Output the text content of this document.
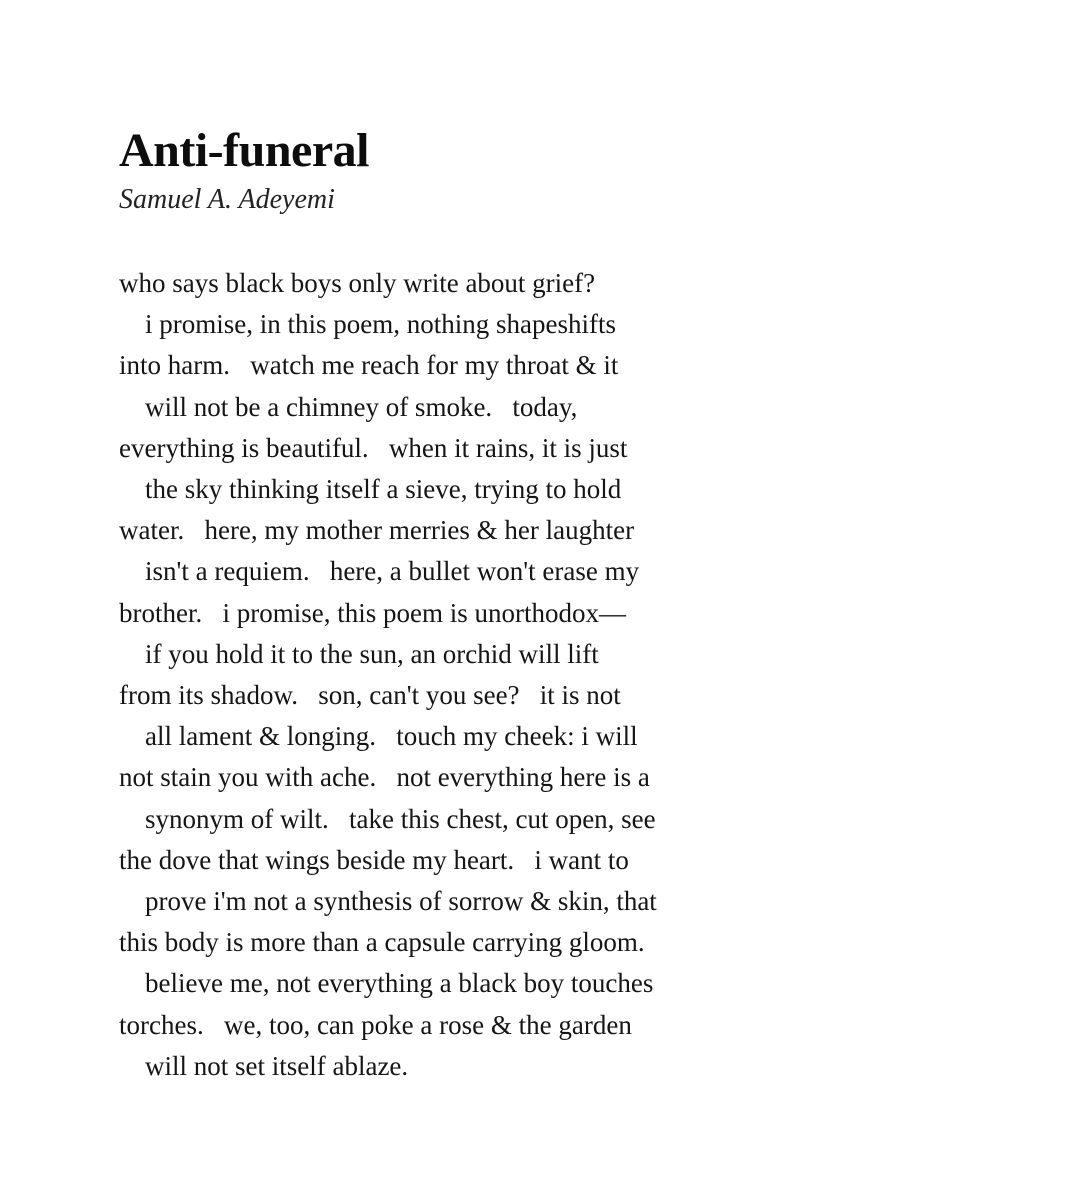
Anti-funeral
Samuel A. Adeyemi
who says black boys only write about grief?
i promise, in this poem, nothing shapeshifts
into harm.   watch me reach for my throat & it
will not be a chimney of smoke.   today,
everything is beautiful.   when it rains, it is just
the sky thinking itself a sieve, trying to hold
water.   here, my mother merries & her laughter
isn't a requiem.   here, a bullet won't erase my
brother.   i promise, this poem is unorthodox—
if you hold it to the sun, an orchid will lift
from its shadow.   son, can't you see?   it is not
all lament & longing.   touch my cheek: i will
not stain you with ache.   not everything here is a
synonym of wilt.   take this chest, cut open, see
the dove that wings beside my heart.   i want to
prove i'm not a synthesis of sorrow & skin, that
this body is more than a capsule carrying gloom.
believe me, not everything a black boy touches
torches.   we, too, can poke a rose & the garden
will not set itself ablaze.
